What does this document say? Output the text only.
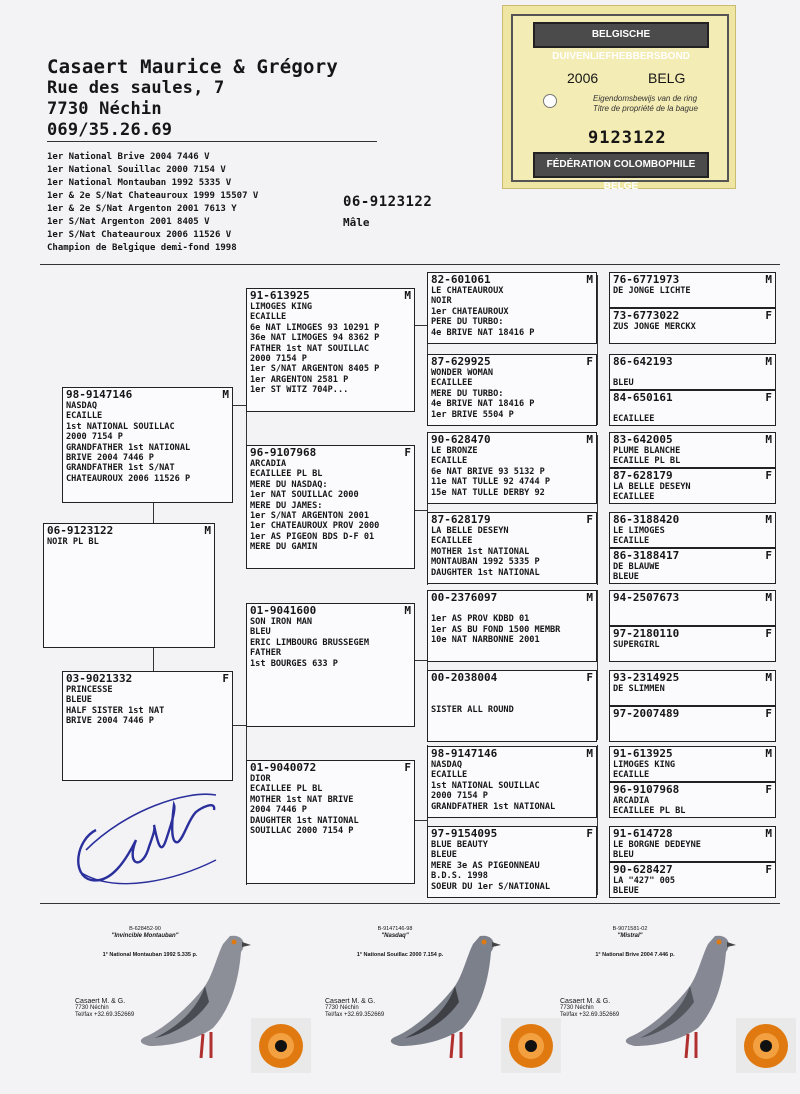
Casaert Maurice & Grégory
Rue des saules, 7
7730 Néchin
069/35.26.69
1er National Brive 2004 7446 V
1er National Souillac 2000 7154 V
1er National Montauban 1992 5335 V
1er & 2e S/Nat Chateauroux 1999 15507 V
1er & 2e S/Nat Argenton 2001 7613 Y
1er S/Nat Argenton 2001 8405 V
1er S/Nat Chateauroux 2006 11526 V
Champion de Belgique demi-fond 1998
06-9123122
Mâle
BELGISCHE DUIVENLIEFHEBBERSBOND
2006	BELG
Eigendomsbewijs van de ring
Titre de propriété de la bague
9123122
FÉDÉRATION COLOMBOPHILE BELGE
06-9123122	M
NOIR PL BL
98-9147146	M
NASDAQ
ECAILLE
1st NATIONAL SOUILLAC
2000 7154 P
GRANDFATHER 1st NATIONAL
BRIVE 2004 7446 P
GRANDFATHER 1st S/NAT
CHATEAUROUX 2006 11526 P
03-9021332	F
PRINCESSE
BLEUE
HALF SISTER 1st NAT
BRIVE 2004 7446 P
91-613925	M
LIMOGES KING
ECAILLE
6e NAT LIMOGES 93 10291 P
36e NAT LIMOGES 94 8362 P
FATHER 1st NAT SOUILLAC
2000 7154 P
1er S/NAT ARGENTON 8405 P
1er ARGENTON 2581 P
1er ST WITZ 704P...
96-9107968	F
ARCADIA
ECAILLEE PL BL
MERE DU NASDAQ:
1er NAT SOUILLAC 2000
MERE DU JAMES:
1er S/NAT ARGENTON 2001
1er CHATEAUROUX PROV 2000
1er AS PIGEON BDS D-F 01
MERE DU GAMIN
01-9041600	M
SON IRON MAN
BLEU
ERIC LIMBOURG BRUSSEGEM
FATHER
1st BOURGES 633 P
01-9040072	F
DIOR
ECAILLEE PL BL
MOTHER 1st NAT BRIVE
2004 7446 P
DAUGHTER 1st NATIONAL
SOUILLAC 2000 7154 P
82-601061	M
LE CHATEAUROUX
NOIR
1er CHATEAUROUX
PERE DU TURBO:
4e BRIVE NAT 18416 P
87-629925	F
WONDER WOMAN
ECAILLEE
MERE DU TURBO:
4e BRIVE NAT 18416 P
1er BRIVE 5504 P
90-628470	M
LE BRONZE
ECAILLE
6e NAT BRIVE 93 5132 P
11e NAT TULLE 92 4744 P
15e NAT TULLE DERBY 92
87-628179	F
LA BELLE DESEYN
ECAILLEE
MOTHER 1st NATIONAL
MONTAUBAN 1992 5335 P
DAUGHTER 1st NATIONAL
00-2376097	M

1er AS PROV KDBD 01
1er AS BU FOND 1500 MEMBR
10e NAT NARBONNE 2001
00-2038004	F

SISTER ALL ROUND
98-9147146	M
NASDAQ
ECAILLE
1st NATIONAL SOUILLAC
2000 7154 P
GRANDFATHER 1st NATIONAL
97-9154095	F
BLUE BEAUTY
BLEUE
MERE 3e AS PIGEONNEAU
B.D.S. 1998
SOEUR DU 1er S/NATIONAL
76-6771973	M
DE JONGE LICHTE
73-6773022	F
ZUS JONGE MERCKX
86-642193	M

BLEU
84-650161	F

ECAILLEE
83-642005	M
PLUME BLANCHE
ECAILLE PL BL
87-628179	F
LA BELLE DESEYN
ECAILLEE
86-3188420	M
LE LIMOGES
ECAILLE
86-3188417	F
DE BLAUWE
BLEUE
94-2507673	M
97-2180110	F
SUPERGIRL
93-2314925	M
DE SLIMMEN
97-2007489	F
91-613925	M
LIMOGES KING
ECAILLE
96-9107968	F
ARCADIA
ECAILLEE PL BL
91-614728	M
LE BORGNE DEDEYNE
BLEU
90-628427	F
LA "427" 005
BLEUE
B-628452-90
"Invincible Montauban"
1° National Montauban 1992 5.335 p.
Casaert M. & G.
7730 Néchin
Tel/fax +32.69.352669
B-9147146-98
"Nasdaq"
1° National Souillac 2000 7.154 p.
Casaert M. & G.
7730 Néchin
Tel/fax +32.69.352669
B-9071581-02
"Mistral"
1° National Brive 2004 7.446 p.
Casaert M. & G.
7730 Néchin
Tel/fax +32.69.352669
